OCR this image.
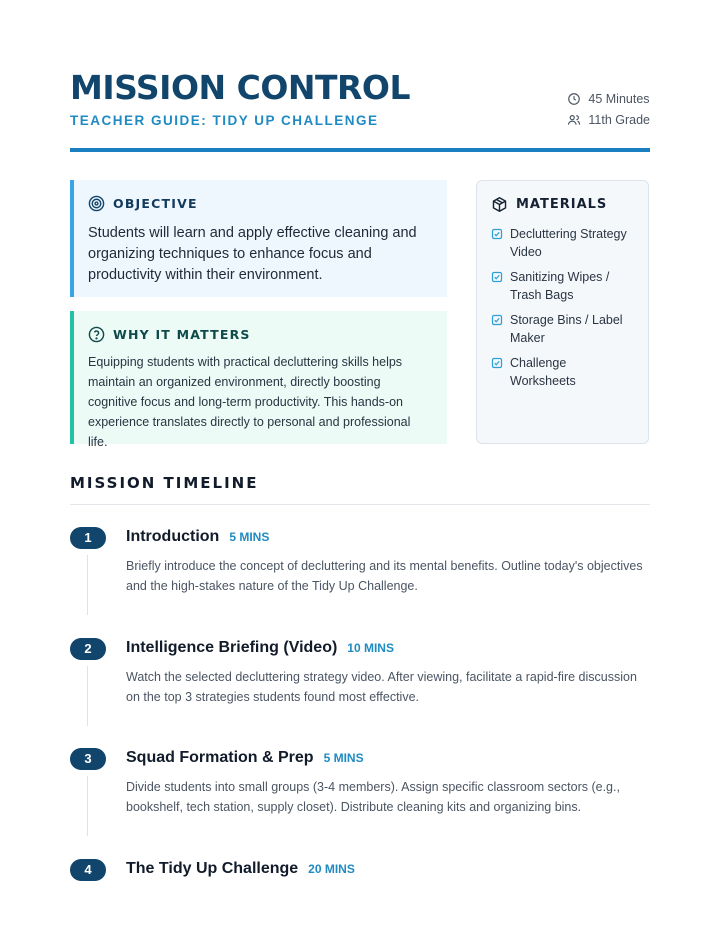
MISSION CONTROL
TEACHER GUIDE: TIDY UP CHALLENGE
45 Minutes
11th Grade
OBJECTIVE
Students will learn and apply effective cleaning and organizing techniques to enhance focus and productivity within their environment.
WHY IT MATTERS
Equipping students with practical decluttering skills helps maintain an organized environment, directly boosting cognitive focus and long-term productivity. This hands-on experience translates directly to personal and professional life.
MATERIALS
Decluttering Strategy Video
Sanitizing Wipes / Trash Bags
Storage Bins / Label Maker
Challenge Worksheets
MISSION TIMELINE
1	Introduction 5 MINS
Briefly introduce the concept of decluttering and its mental benefits. Outline today's objectives and the high-stakes nature of the Tidy Up Challenge.
2	Intelligence Briefing (Video) 10 MINS
Watch the selected decluttering strategy video. After viewing, facilitate a rapid-fire discussion on the top 3 strategies students found most effective.
3	Squad Formation & Prep 5 MINS
Divide students into small groups (3-4 members). Assign specific classroom sectors (e.g., bookshelf, tech station, supply closet). Distribute cleaning kits and organizing bins.
4	The Tidy Up Challenge 20 MINS
